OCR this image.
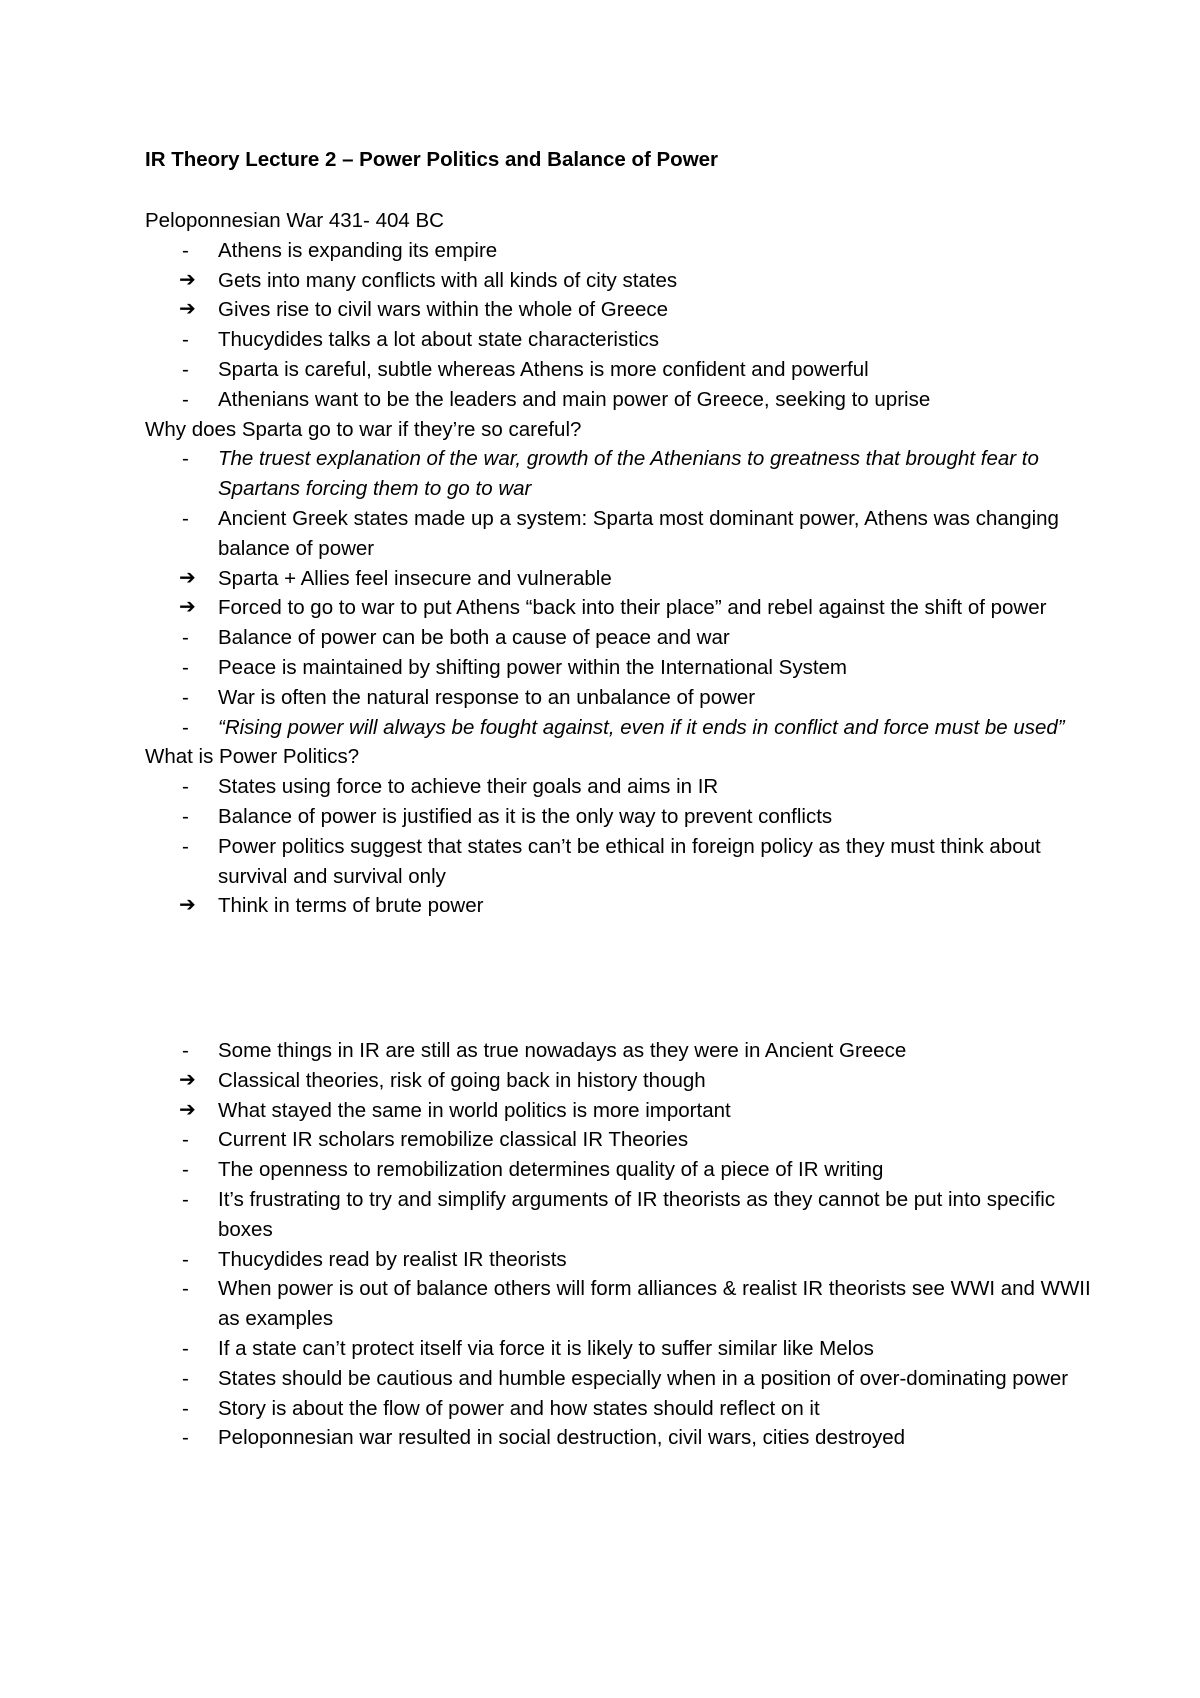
IR Theory Lecture 2 – Power Politics and Balance of Power
Peloponnesian War 431- 404 BC
-	Athens is expanding its empire
➔	Gets into many conflicts with all kinds of city states
➔	Gives rise to civil wars within the whole of Greece
-	Thucydides talks a lot about state characteristics
-	Sparta is careful, subtle whereas Athens is more confident and powerful
-	Athenians want to be the leaders and main power of Greece, seeking to uprise
Why does Sparta go to war if they’re so careful?
-	The truest explanation of the war, growth of the Athenians to greatness that brought fear to Spartans forcing them to go to war
-	Ancient Greek states made up a system: Sparta most dominant power, Athens was changing balance of power
➔	Sparta + Allies feel insecure and vulnerable
➔	Forced to go to war to put Athens “back into their place” and rebel against the shift of power
-	Balance of power can be both a cause of peace and war
-	Peace is maintained by shifting power within the International System
-	War is often the natural response to an unbalance of power
-	“Rising power will always be fought against, even if it ends in conflict and force must be used”
What is Power Politics?
-	States using force to achieve their goals and aims in IR
-	Balance of power is justified as it is the only way to prevent conflicts
-	Power politics suggest that states can’t be ethical in foreign policy as they must think about survival and survival only
➔	Think in terms of brute power
-	Some things in IR are still as true nowadays as they were in Ancient Greece
➔	Classical theories, risk of going back in history though
➔	What stayed the same in world politics is more important
-	Current IR scholars remobilize classical IR Theories
-	The openness to remobilization determines quality of a piece of IR writing
-	It’s frustrating to try and simplify arguments of IR theorists as they cannot be put into specific boxes
-	Thucydides read by realist IR theorists
-	When power is out of balance others will form alliances & realist IR theorists see WWI and WWII as examples
-	If a state can’t protect itself via force it is likely to suffer similar like Melos
-	States should be cautious and humble especially when in a position of over-dominating power
-	Story is about the flow of power and how states should reflect on it
-	Peloponnesian war resulted in social destruction, civil wars, cities destroyed
